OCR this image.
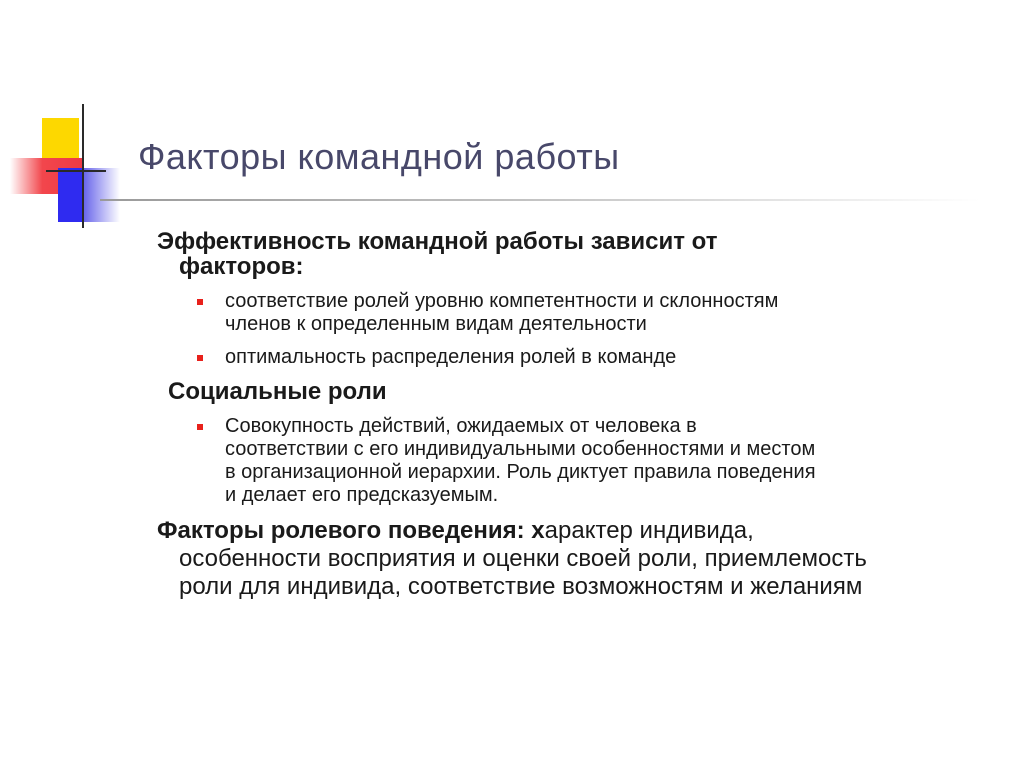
Факторы командной работы
Эффективность командной работы зависит от
факторов:
соответствие ролей уровню компетентности и склонностям
членов к определенным видам деятельности
оптимальность распределения ролей в команде
Социальные роли
Совокупность действий, ожидаемых от человека в
соответствии с его индивидуальными особенностями и местом
в организационной иерархии. Роль диктует правила поведения
и делает его предсказуемым.
Факторы ролевого поведения: характер индивида,
особенности восприятия и оценки своей роли, приемлемость
роли для индивида, соответствие возможностям и желаниям
